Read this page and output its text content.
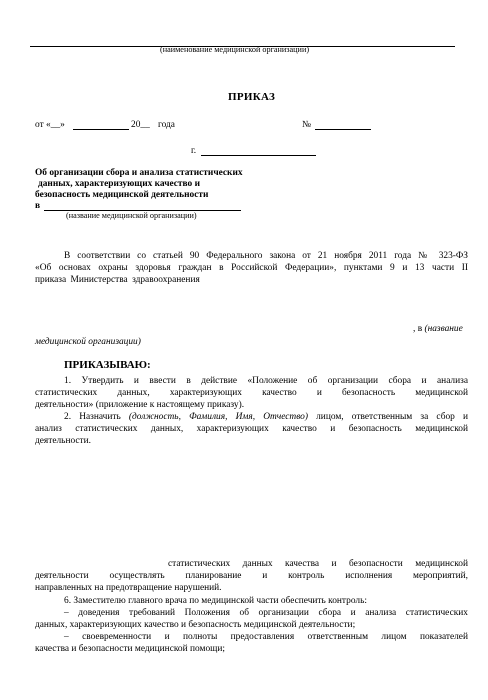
(наименование медицинской организации)
ПРИКАЗ
от «__»	20__ года	№
г.
Об организации сбора и анализа статистических
данных, характеризующих качество и
безопасность медицинской деятельности
в
(название медицинской организации)
В соответствии со статьей 90 Федерального закона от 21 ноября 2011 года № 323-ФЗ
«Об основах охраны здоровья граждан в Российской Федерации», пунктами 9 и 13 части II
приказа Министерства здравоохранения
, в (название
медицинской организации)
ПРИКАЗЫВАЮ:
1. Утвердить и ввести в действие «Положение об организации сбора и анализа
статистических данных, характеризующих качество и безопасность медицинской
деятельности» (приложение к настоящему приказу).
2. Назначить (должность, Фамилия, Имя, Отчество) лицом, ответственным за сбор и
анализ статистических данных, характеризующих качество и безопасность медицинской
деятельности.
статистических данных качества и безопасности медицинской
деятельности осуществлять планирование и контроль исполнения мероприятий,
направленных на предотвращение нарушений.
6. Заместителю главного врача по медицинской части обеспечить контроль:
– доведения требований Положения об организации сбора и анализа статистических
данных, характеризующих качество и безопасность медицинской деятельности;
– своевременности и полноты предоставления ответственным лицом показателей
качества и безопасности медицинской помощи;
